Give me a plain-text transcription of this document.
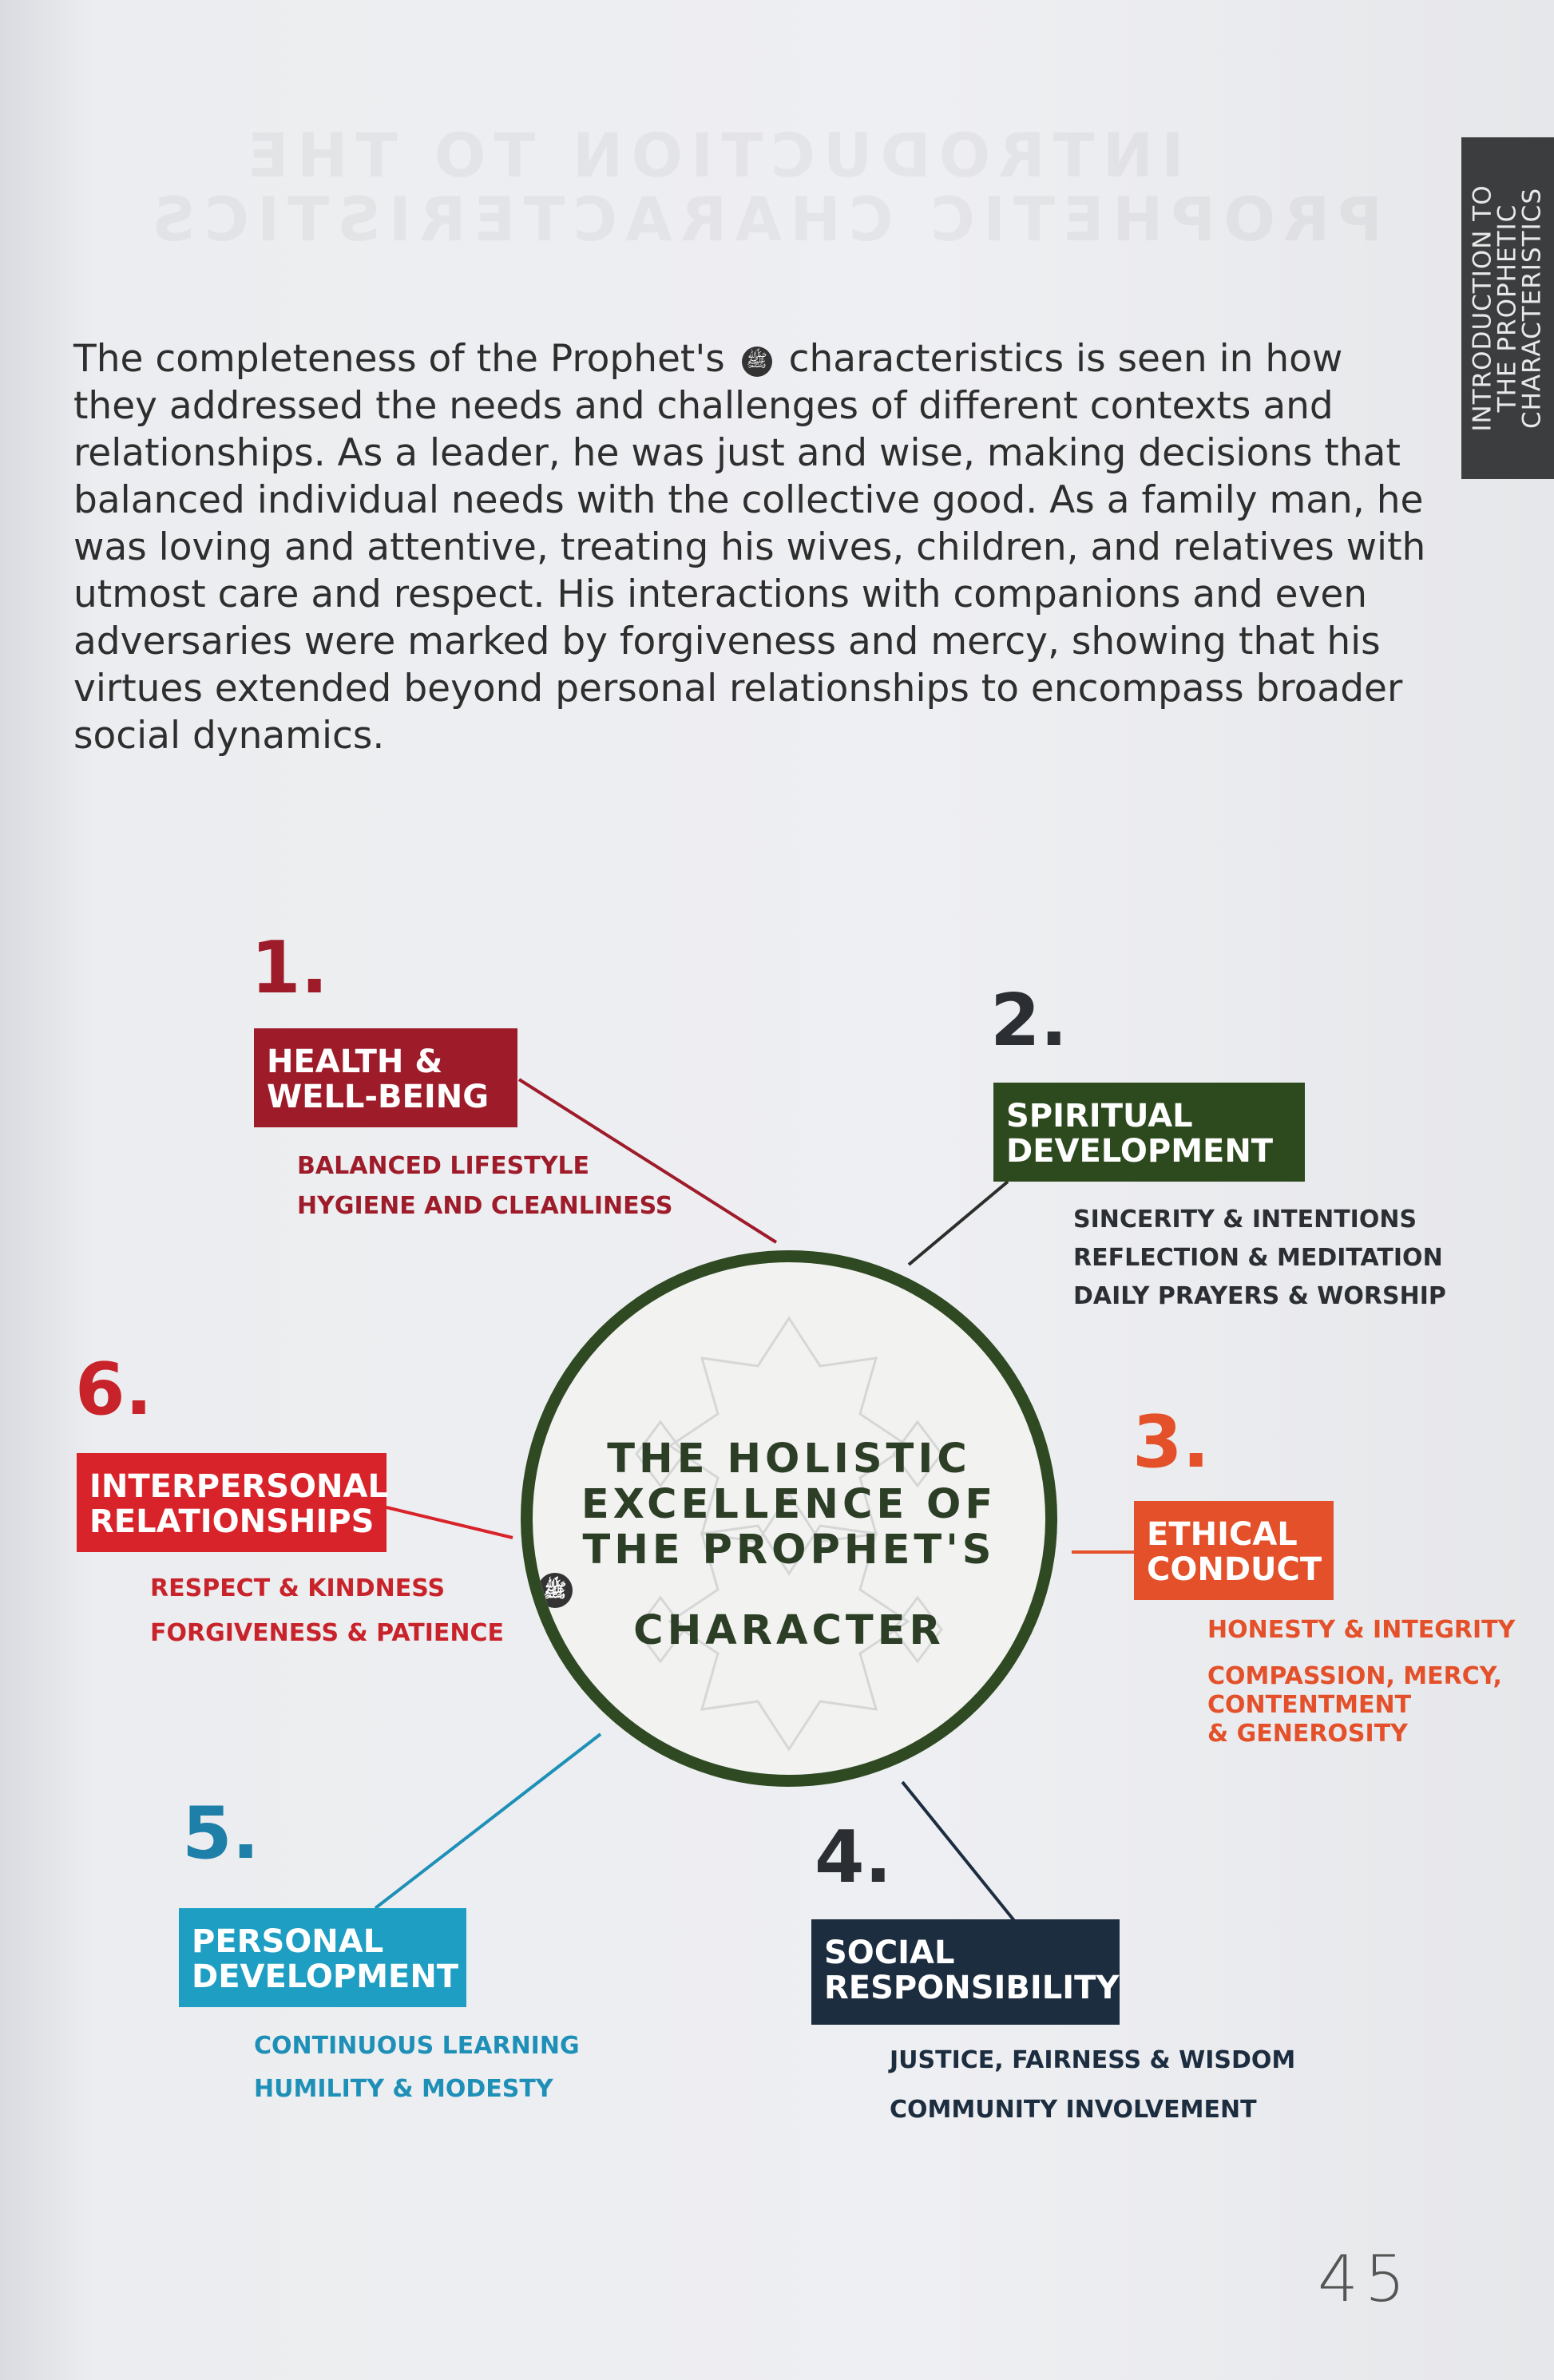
INTRODUCTION TO
THE PROPHETIC
CHARACTERISTICS

The completeness of the Prophet's ﷺ characteristics is seen in how they addressed the needs and challenges of different contexts and relationships. As a leader, he was just and wise, making decisions that balanced individual needs with the collective good. As a family man, he was loving and attentive, treating his wives, children, and relatives with utmost care and respect. His interactions with companions and even adversaries were marked by forgiveness and mercy, showing that his virtues extended beyond personal relationships to encompass broader social dynamics.

THE HOLISTIC
EXCELLENCE OF
THE PROPHET'S
ﷺ
CHARACTER
1.
HEALTH &
WELL-BEING
BALANCED LIFESTYLE
HYGIENE AND CLEANLINESS
2.
SPIRITUAL
DEVELOPMENT
SINCERITY & INTENTIONS
REFLECTION & MEDITATION
DAILY PRAYERS & WORSHIP
3.
ETHICAL
CONDUCT
HONESTY & INTEGRITY
COMPASSION, MERCY,
CONTENTMENT
& GENEROSITY
4.
SOCIAL
RESPONSIBILITY
JUSTICE, FAIRNESS & WISDOM
COMMUNITY INVOLVEMENT
5.
PERSONAL
DEVELOPMENT
CONTINUOUS LEARNING
HUMILITY & MODESTY
6.
INTERPERSONAL
RELATIONSHIPS
RESPECT & KINDNESS
FORGIVENESS & PATIENCE
45
